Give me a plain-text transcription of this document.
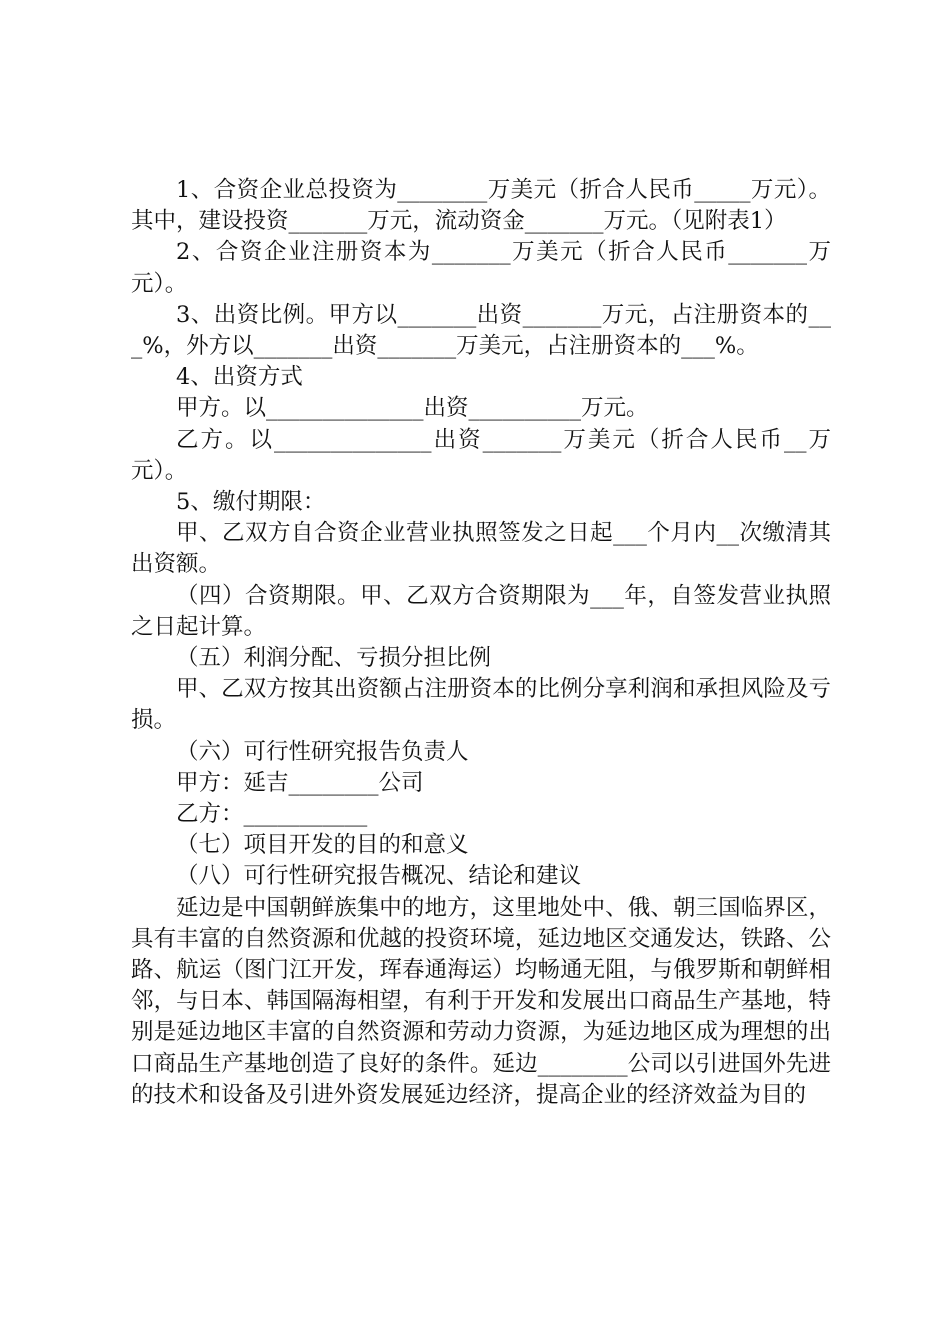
1、合资企业总投资为________万美元（折合人民币_____万元）。其中，建设投资_______万元，流动资金_______万元。（见附表1）

2、合资企业注册资本为_______万美元（折合人民币_______万元）。

3、出资比例。甲方以_______出资_______万元，占注册资本的___%，外方以_______出资_______万美元，占注册资本的___%。

4、出资方式

甲方。以______________出资__________万元。

乙方。以______________出资_______万美元（折合人民币__万元）。

5、缴付期限：

甲、乙双方自合资企业营业执照签发之日起___个月内__次缴清其出资额。

（四）合资期限。甲、乙双方合资期限为___年，自签发营业执照之日起计算。

（五）利润分配、亏损分担比例

甲、乙双方按其出资额占注册资本的比例分享利润和承担风险及亏损。

（六）可行性研究报告负责人

甲方：延吉________公司

乙方：___________

（七）项目开发的目的和意义

（八）可行性研究报告概况、结论和建议

延边是中国朝鲜族集中的地方，这里地处中、俄、朝三国临界区，具有丰富的自然资源和优越的投资环境，延边地区交通发达，铁路、公路、航运（图门江开发，珲春通海运）均畅通无阻，与俄罗斯和朝鲜相邻，与日本、韩国隔海相望，有利于开发和发展出口商品生产基地，特别是延边地区丰富的自然资源和劳动力资源，为延边地区成为理想的出口商品生产基地创造了良好的条件。延边________公司以引进国外先进的技术和设备及引进外资发展延边经济，提高企业的经济效益为目的
